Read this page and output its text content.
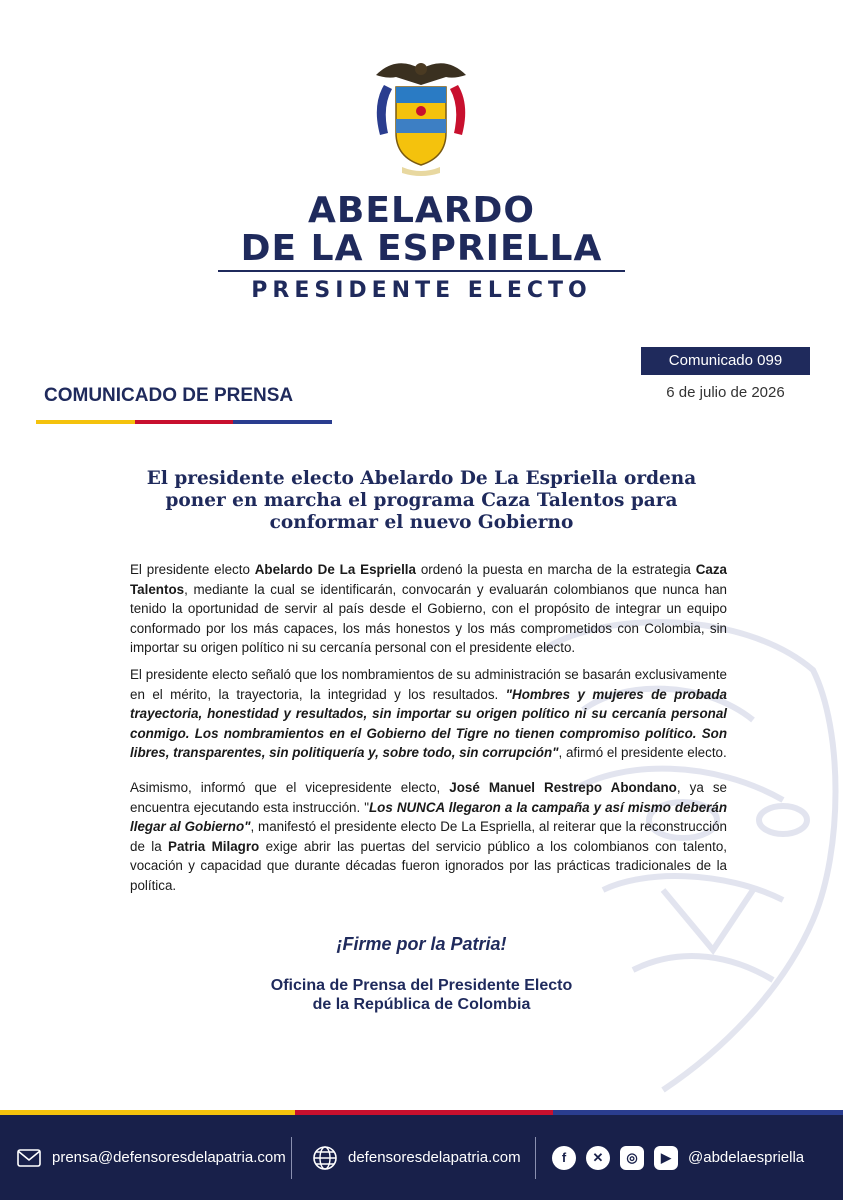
ABELARDO
DE LA ESPRIELLA
PRESIDENTE ELECTO
COMUNICADO DE PRENSA
Comunicado 099
6 de julio de 2026
El presidente electo Abelardo De La Espriella ordena poner en marcha el programa Caza Talentos para conformar el nuevo Gobierno

El presidente electo Abelardo De La Espriella ordenó la puesta en marcha de la estrategia Caza Talentos, mediante la cual se identificarán, convocarán y evaluarán colombianos que nunca han tenido la oportunidad de servir al país desde el Gobierno, con el propósito de integrar un equipo conformado por los más capaces, los más honestos y los más comprometidos con Colombia, sin importar su origen político ni su cercanía personal con el presidente electo.

El presidente electo señaló que los nombramientos de su administración se basarán exclusivamente en el mérito, la trayectoria, la integridad y los resultados. "Hombres y mujeres de probada trayectoria, honestidad y resultados, sin importar su origen político ni su cercanía personal conmigo. Los nombramientos en el Gobierno del Tigre no tienen compromiso político. Son libres, transparentes, sin politiquería y, sobre todo, sin corrupción", afirmó el presidente electo.

Asimismo, informó que el vicepresidente electo, José Manuel Restrepo Abondano, ya se encuentra ejecutando esta instrucción. "Los NUNCA llegaron a la campaña y así mismo deberán llegar al Gobierno", manifestó el presidente electo De La Espriella, al reiterar que la reconstrucción de la Patria Milagro exige abrir las puertas del servicio público a los colombianos con talento, vocación y capacidad que durante décadas fueron ignorados por las prácticas tradicionales de la política.

¡Firme por la Patria!
Oficina de Prensa del Presidente Electo
de la República de Colombia
prensa@defensoresdelapatria.com	defensoresdelapatria.com	f	✕	◎	▶	@abdelaespriella
